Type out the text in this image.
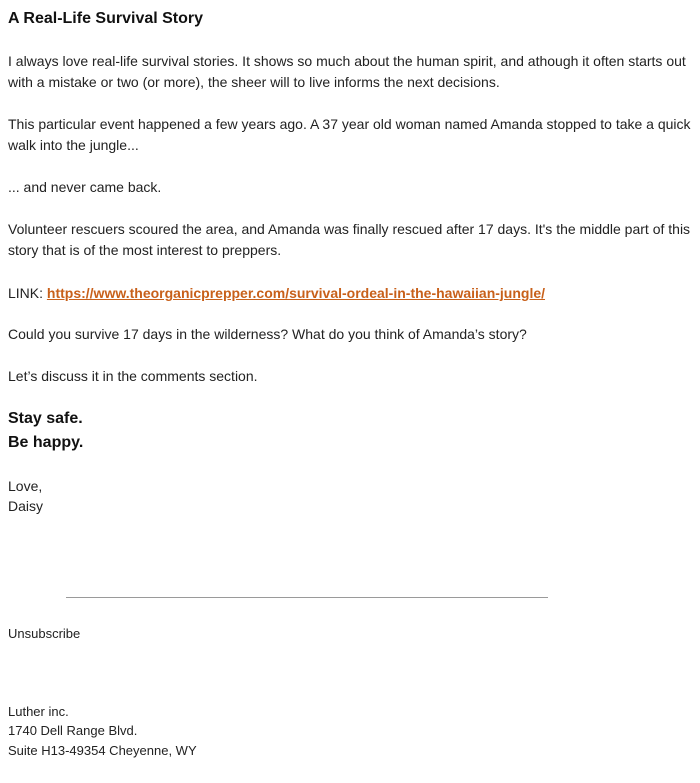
A Real-Life Survival Story
I always love real-life survival stories. It shows so much about the human spirit, and athough it often starts out with a mistake or two (or more), the sheer will to live informs the next decisions.
This particular event happened a few years ago. A 37 year old woman named Amanda stopped to take a quick walk into the jungle...
... and never came back.
Volunteer rescuers scoured the area, and Amanda was finally rescued after 17 days. It's the middle part of this story that is of the most interest to preppers.
LINK: https://www.theorganicprepper.com/survival-ordeal-in-the-hawaiian-jungle/
Could you survive 17 days in the wilderness? What do you think of Amanda’s story?
Let’s discuss it in the comments section.
Stay safe.
Be happy.
Love,
Daisy
Unsubscribe
Luther inc.
1740 Dell Range Blvd.
Suite H13-49354 Cheyenne, WY
